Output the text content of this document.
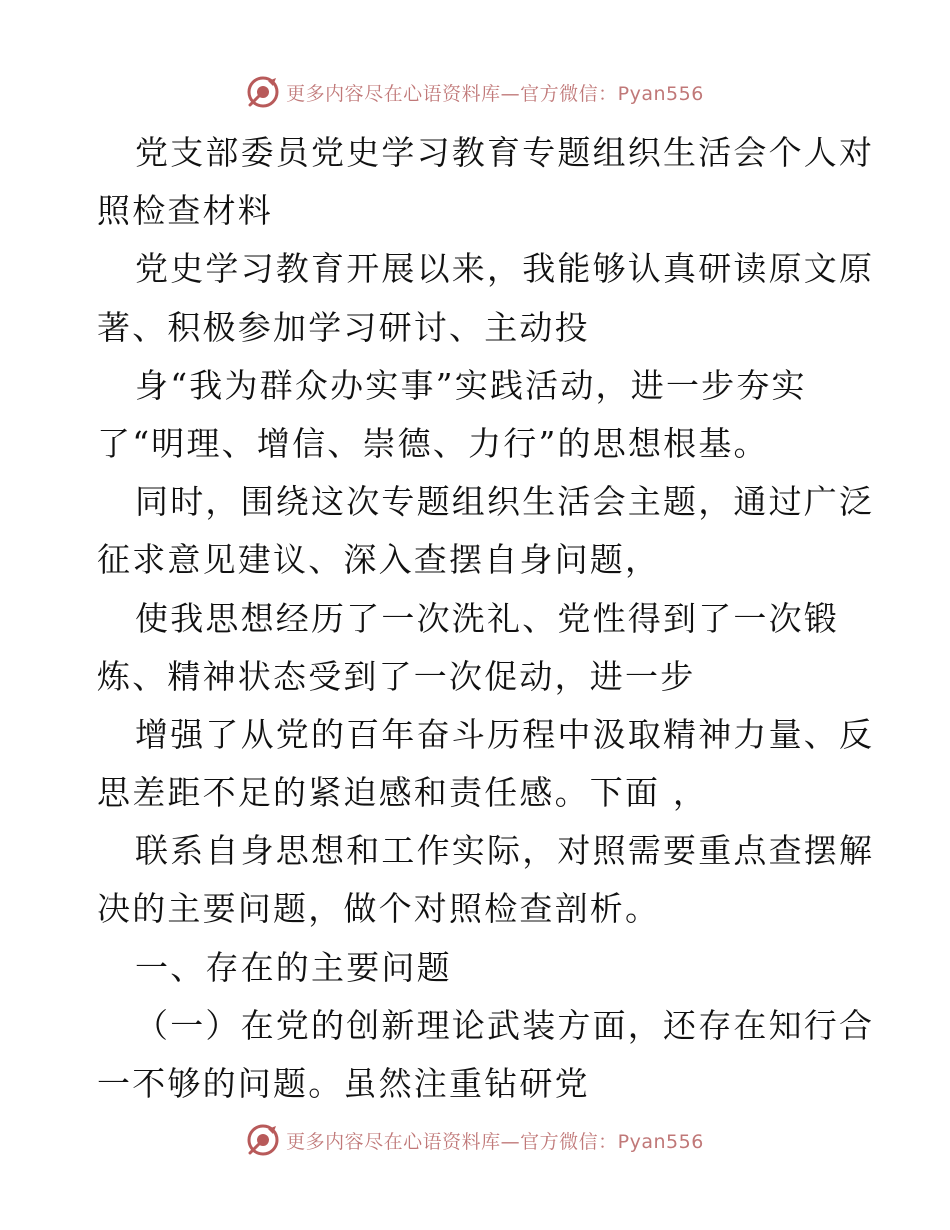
更多内容尽在心语资料库—官方微信：Pyan556
党支部委员党史学习教育专题组织生活会个人对
照检查材料
党史学习教育开展以来，我能够认真研读原文原
著、积极参加学习研讨、主动投
身“我为群众办实事”实践活动，进一步夯实
了“明理、增信、崇德、力行”的思想根基。
同时，围绕这次专题组织生活会主题，通过广泛
征求意见建议、深入查摆自身问题，
使我思想经历了一次洗礼、党性得到了一次锻
炼、精神状态受到了一次促动，进一步
增强了从党的百年奋斗历程中汲取精神力量、反
思差距不足的紧迫感和责任感。下面 ，
联系自身思想和工作实际，对照需要重点查摆解
决的主要问题，做个对照检查剖析。
一、存在的主要问题
（一）在党的创新理论武装方面，还存在知行合
一不够的问题。虽然注重钻研党
更多内容尽在心语资料库—官方微信：Pyan556
